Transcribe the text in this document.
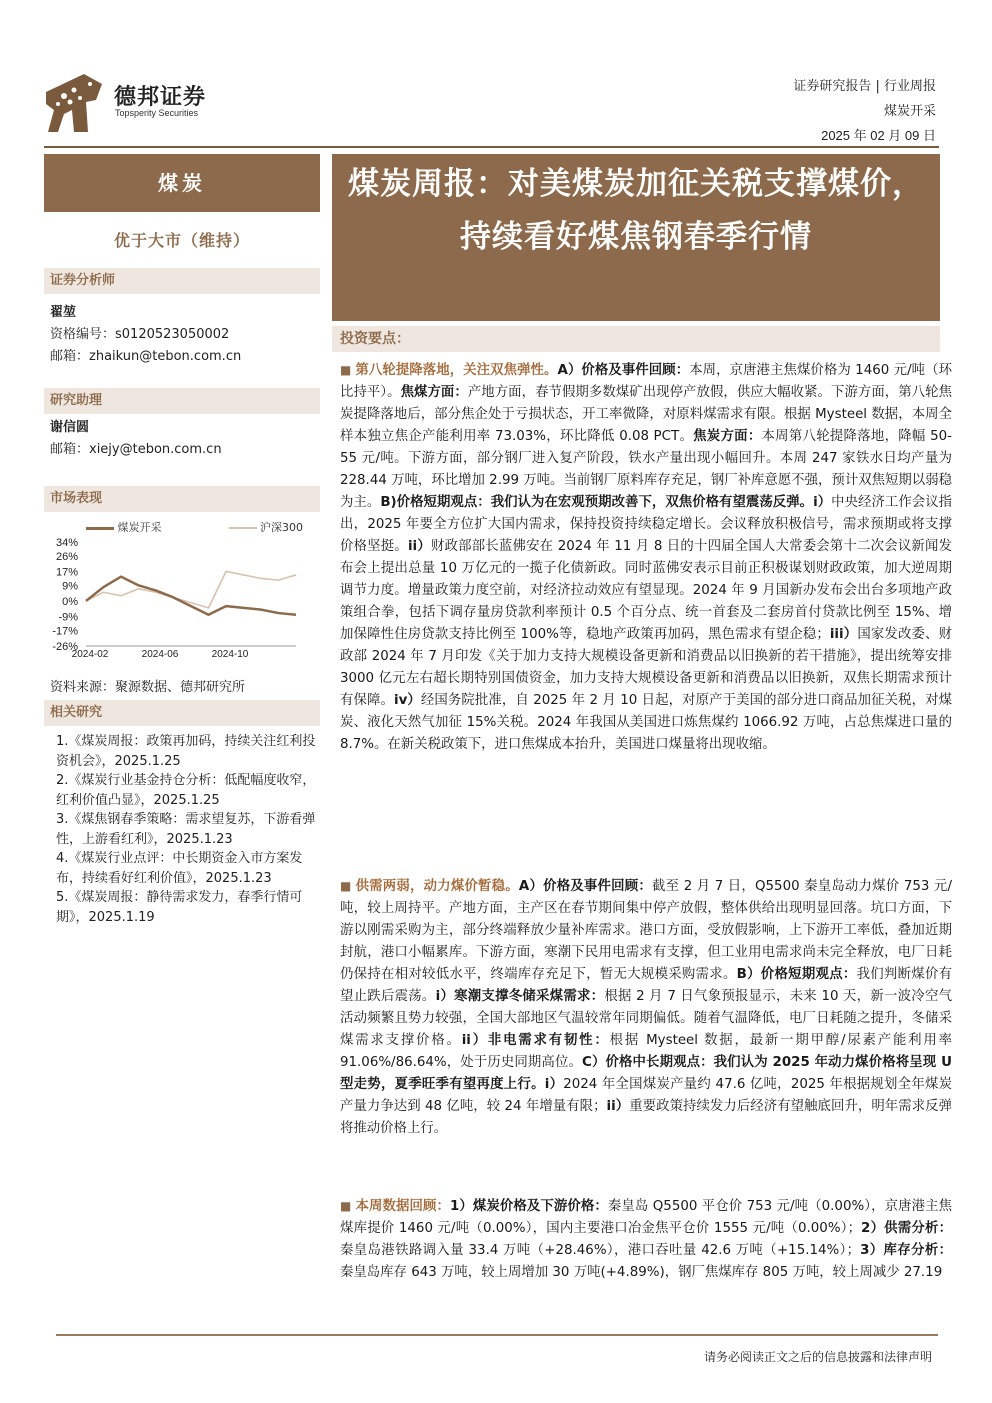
德邦证券
Topsperity Securities
证券研究报告 | 行业周报
煤炭开采
2025 年 02 月 09 日
煤炭
优于大市（维持）
证券分析师
翟堃
资格编号：s0120523050002
邮箱：zhaikun@tebon.com.cn
研究助理
谢信圆
邮箱：xiejy@tebon.com.cn
市场表现
煤炭开采	沪深300
34%
26%
17%
9%
0%
-9%
-17%
-26%
2024-02	2024-06	2024-10
资料来源：聚源数据、德邦研究所
相关研究
1.《煤炭周报：政策再加码，持续关注红利投资机会》，2025.1.25
2.《煤炭行业基金持仓分析：低配幅度收窄，红利价值凸显》，2025.1.25
3.《煤焦钢春季策略：需求望复苏，下游看弹性，上游看红利》，2025.1.23
4.《煤炭行业点评：中长期资金入市方案发布，持续看好红利价值》，2025.1.23
5.《煤炭周报：静待需求发力，春季行情可期》，2025.1.19
煤炭周报：对美煤炭加征关税支撑煤价，持续看好煤焦钢春季行情
投资要点：
■ 第八轮提降落地，关注双焦弹性。A）价格及事件回顾：本周，京唐港主焦煤价格为 1460 元/吨（环比持平）。焦煤方面：产地方面，春节假期多数煤矿出现停产放假，供应大幅收紧。下游方面，第八轮焦炭提降落地后，部分焦企处于亏损状态，开工率微降，对原料煤需求有限。根据 Mysteel 数据，本周全样本独立焦企产能利用率 73.03%，环比降低 0.08 PCT。焦炭方面：本周第八轮提降落地，降幅 50-55 元/吨。下游方面，部分钢厂进入复产阶段，铁水产量出现小幅回升。本周 247 家铁水日均产量为 228.44 万吨，环比增加 2.99 万吨。当前钢厂原料库存充足，钢厂补库意愿不强，预计双焦短期以弱稳为主。B)价格短期观点：我们认为在宏观预期改善下，双焦价格有望震荡反弹。i）中央经济工作会议指出，2025 年要全方位扩大国内需求，保持投资持续稳定增长。会议释放积极信号，需求预期或将支撑价格坚挺。ii）财政部部长蓝佛安在 2024 年 11 月 8 日的十四届全国人大常委会第十二次会议新闻发布会上提出总量 10 万亿元的一揽子化债新政。同时蓝佛安表示目前正积极谋划财政政策，加大逆周期调节力度。增量政策力度空前，对经济拉动效应有望显现。2024 年 9 月国新办发布会出台多项地产政策组合拳，包括下调存量房贷款利率预计 0.5 个百分点、统一首套及二套房首付贷款比例至 15%、增加保障性住房贷款支持比例至 100%等，稳地产政策再加码，黑色需求有望企稳；iii）国家发改委、财政部 2024 年 7 月印发《关于加力支持大规模设备更新和消费品以旧换新的若干措施》，提出统筹安排 3000 亿元左右超长期特别国债资金，加力支持大规模设备更新和消费品以旧换新，双焦长期需求预计有保障。iv）经国务院批准，自 2025 年 2 月 10 日起，对原产于美国的部分进口商品加征关税，对煤炭、液化天然气加征 15%关税。2024 年我国从美国进口炼焦煤约 1066.92 万吨，占总焦煤进口量的 8.7%。在新关税政策下，进口焦煤成本抬升，美国进口煤量将出现收缩。
■ 供需两弱，动力煤价暂稳。A）价格及事件回顾：截至 2 月 7 日，Q5500 秦皇岛动力煤价 753 元/吨，较上周持平。产地方面，主产区在春节期间集中停产放假，整体供给出现明显回落。坑口方面，下游以刚需采购为主，部分终端释放少量补库需求。港口方面，受放假影响，上下游开工率低，叠加近期封航，港口小幅累库。下游方面，寒潮下民用电需求有支撑，但工业用电需求尚未完全释放，电厂日耗仍保持在相对较低水平，终端库存充足下，暂无大规模采购需求。B）价格短期观点：我们判断煤价有望止跌后震荡。i）寒潮支撑冬储采煤需求：根据 2 月 7 日气象预报显示，未来 10 天，新一波冷空气活动频繁且势力较强，全国大部地区气温较常年同期偏低。随着气温降低，电厂日耗随之提升，冬储采煤需求支撑价格。ii）非电需求有韧性：根据 Mysteel 数据，最新一期甲醇/尿素产能利用率 91.06%/86.64%，处于历史同期高位。C）价格中长期观点：我们认为 2025 年动力煤价格将呈现 U 型走势，夏季旺季有望再度上行。i）2024 年全国煤炭产量约 47.6 亿吨，2025 年根据规划全年煤炭产量力争达到 48 亿吨，较 24 年增量有限；ii）重要政策持续发力后经济有望触底回升，明年需求反弹将推动价格上行。
■ 本周数据回顾：1）煤炭价格及下游价格：秦皇岛 Q5500 平仓价 753 元/吨（0.00%），京唐港主焦煤库提价 1460 元/吨（0.00%），国内主要港口冶金焦平仓价 1555 元/吨（0.00%）；2）供需分析：秦皇岛港铁路调入量 33.4 万吨（+28.46%），港口吞吐量 42.6 万吨（+15.14%）；3）库存分析：秦皇岛库存 643 万吨，较上周增加 30 万吨(+4.89%)，钢厂焦煤库存 805 万吨，较上周减少 27.19
请务必阅读正文之后的信息披露和法律声明
